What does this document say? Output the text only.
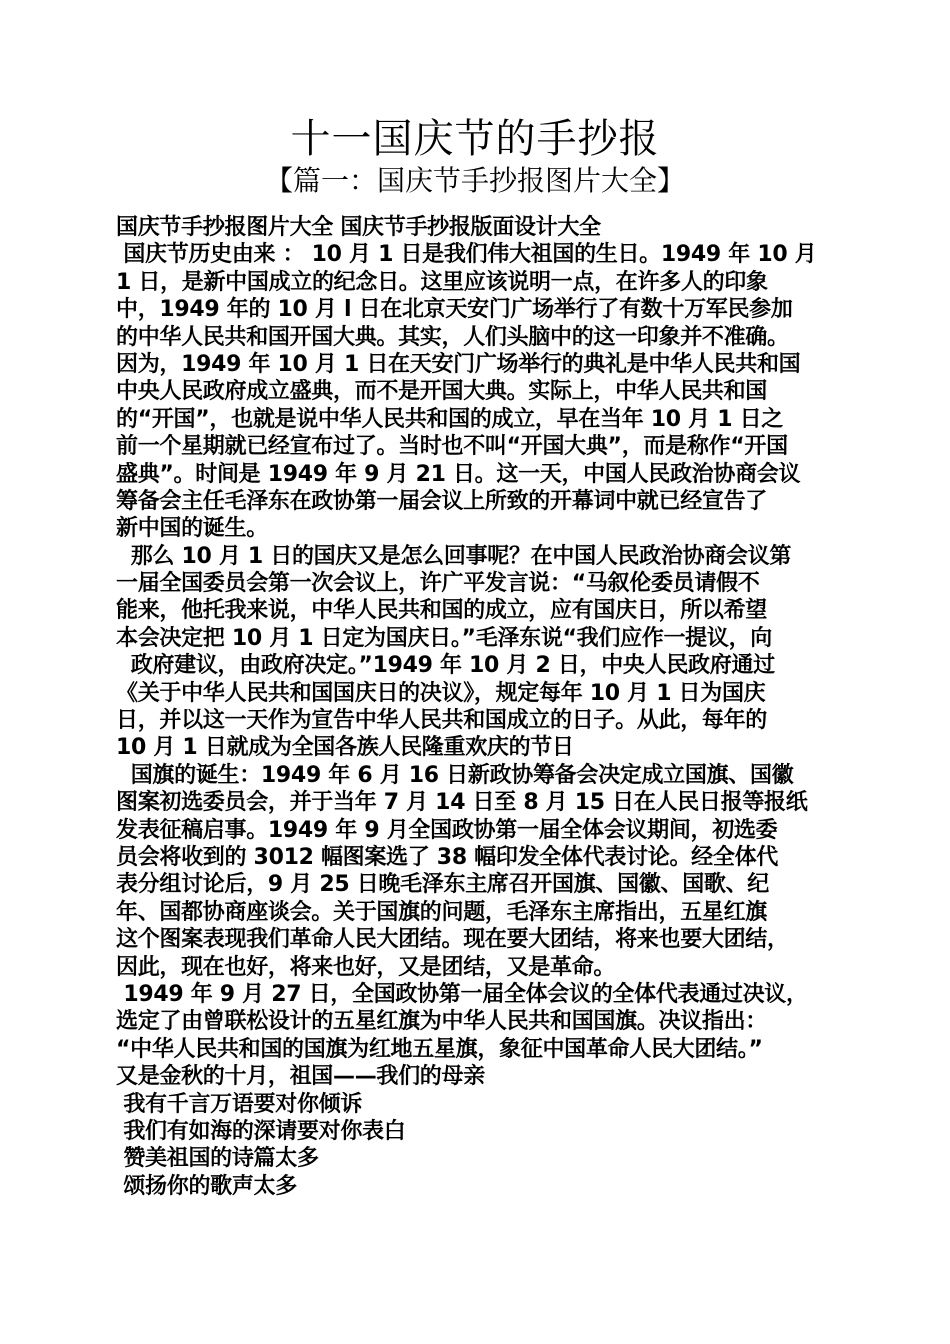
十一国庆节的手抄报
【篇一：国庆节手抄报图片大全】
国庆节手抄报图片大全 国庆节手抄报版面设计大全
国庆节历史由来 ： 10 月 1 日是我们伟大祖国的生日。1949 年 10 月
1 日，是新中国成立的纪念日。这里应该说明一点，在许多人的印象
中，1949 年的 10 月 l 日在北京天安门广场举行了有数十万军民参加
的中华人民共和国开国大典。其实，人们头脑中的这一印象并不准确。
因为，1949 年 10 月 1 日在天安门广场举行的典礼是中华人民共和国
中央人民政府成立盛典，而不是开国大典。实际上，中华人民共和国
的“开国”，也就是说中华人民共和国的成立，早在当年 10 月 1 日之
前一个星期就已经宣布过了。当时也不叫“开国大典”，而是称作“开国
盛典”。时间是 1949 年 9 月 21 日。这一天，中国人民政治协商会议
筹备会主任毛泽东在政协第一届会议上所致的开幕词中就已经宣告了
新中国的诞生。
那么 10 月 1 日的国庆又是怎么回事呢？在中国人民政治协商会议第
一届全国委员会第一次会议上，许广平发言说：“马叙伦委员请假不
能来，他托我来说，中华人民共和国的成立，应有国庆日，所以希望
本会决定把 10 月 1 日定为国庆日。”毛泽东说“我们应作一提议，向
政府建议，由政府决定。”1949 年 10 月 2 日，中央人民政府通过
《关于中华人民共和国国庆日的决议》，规定每年 10 月 1 日为国庆
日，并以这一天作为宣告中华人民共和国成立的日子。从此，每年的
10 月 1 日就成为全国各族人民隆重欢庆的节日
国旗的诞生：1949 年 6 月 16 日新政协筹备会决定成立国旗、国徽
图案初选委员会，并于当年 7 月 14 日至 8 月 15 日在人民日报等报纸
发表征稿启事。1949 年 9 月全国政协第一届全体会议期间，初选委
员会将收到的 3012 幅图案选了 38 幅印发全体代表讨论。经全体代
表分组讨论后，9 月 25 日晚毛泽东主席召开国旗、国徽、国歌、纪
年、国都协商座谈会。关于国旗的问题，毛泽东主席指出，五星红旗
这个图案表现我们革命人民大团结。现在要大团结，将来也要大团结，
因此，现在也好，将来也好，又是团结，又是革命。
1949 年 9 月 27 日，全国政协第一届全体会议的全体代表通过决议，
选定了由曾联松设计的五星红旗为中华人民共和国国旗。决议指出：
“中华人民共和国的国旗为红地五星旗，象征中国革命人民大团结。”
又是金秋的十月，祖国——我们的母亲
我有千言万语要对你倾诉
我们有如海的深请要对你表白
赞美祖国的诗篇太多
颂扬你的歌声太多
